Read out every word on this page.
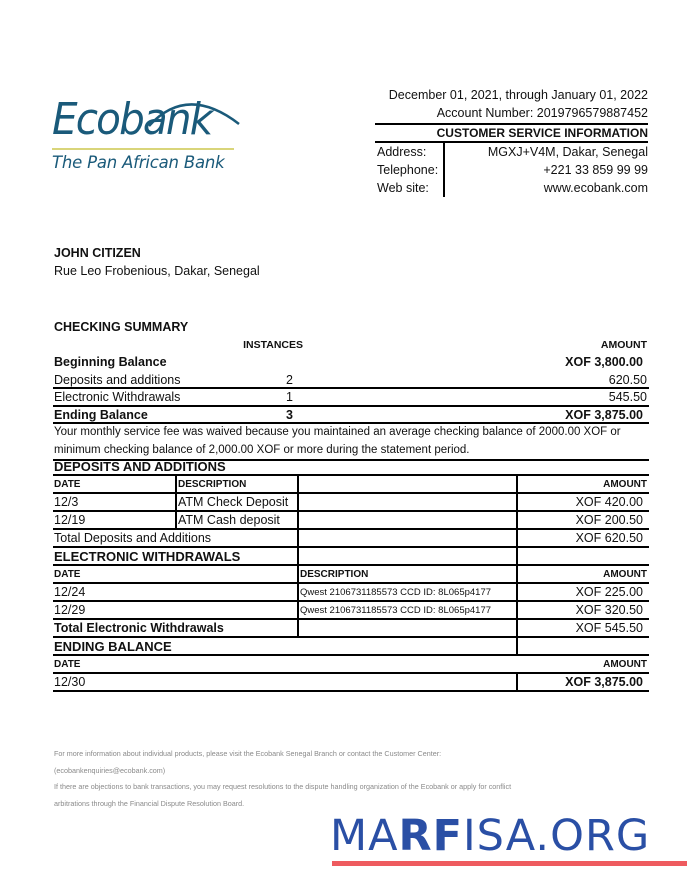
Ecobank
The Pan African Bank
December 01, 2021, through January 01, 2022
Account Number: 2019796579887452
CUSTOMER SERVICE INFORMATION
Address:	MGXJ+V4M, Dakar, Senegal
Telephone:	+221 33 859 99 99
Web site:	www.ecobank.com
JOHN CITIZEN
Rue Leo Frobenious, Dakar, Senegal
CHECKING SUMMARY
INSTANCES	AMOUNT
Beginning Balance	XOF 3,800.00
Deposits and additions	2	620.50
Electronic Withdrawals	1	545.50
Ending Balance	3	XOF 3,875.00
Your monthly service fee was waived because you maintained an average checking balance of 2000.00 XOF or
minimum checking balance of 2,000.00 XOF or more during the statement period.
DEPOSITS AND ADDITIONS
DATE	DESCRIPTION	AMOUNT
12/3	ATM Check Deposit	XOF 420.00
12/19	ATM Cash deposit	XOF 200.50
Total Deposits and Additions	XOF 620.50
ELECTRONIC WITHDRAWALS
DATE	DESCRIPTION	AMOUNT
12/24	Qwest 2106731185573 CCD ID: 8L065p4177	XOF 225.00
12/29	Qwest 2106731185573 CCD ID: 8L065p4177	XOF 320.50
Total Electronic Withdrawals	XOF 545.50
ENDING BALANCE
DATE	AMOUNT
12/30	XOF 3,875.00

For more information about individual products, please visit the Ecobank Senegal Branch or contact the Customer Center:

(ecobankenquiries@ecobank.com)

If there are objections to bank transactions, you may request resolutions to the dispute handling organization of the Ecobank or apply for conflict

arbitrations through the Financial Dispute Resolution Board.

MARFISA.ORG
